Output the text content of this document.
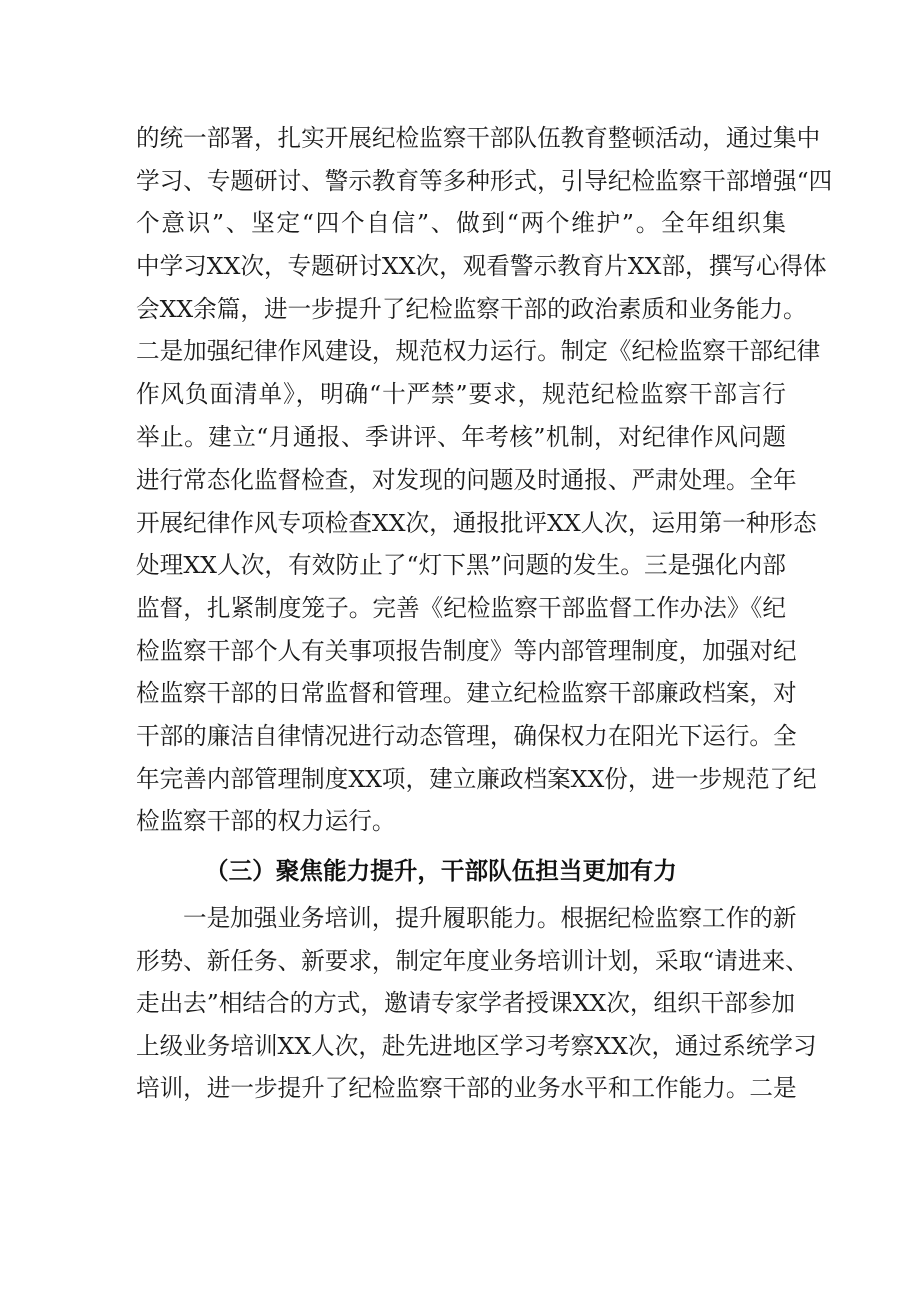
的统一部署，扎实开展纪检监察干部队伍教育整顿活动，通过集中
学习、专题研讨、警示教育等多种形式，引导纪检监察干部增强“四
个意识”、坚定“四个自信”、做到“两个维护”。全年组织集
中学习XX次，专题研讨XX次，观看警示教育片XX部，撰写心得体
会XX余篇，进一步提升了纪检监察干部的政治素质和业务能力。
二是加强纪律作风建设，规范权力运行。制定《纪检监察干部纪律
作风负面清单》，明确“十严禁”要求，规范纪检监察干部言行
举止。建立“月通报、季讲评、年考核”机制，对纪律作风问题
进行常态化监督检查，对发现的问题及时通报、严肃处理。全年
开展纪律作风专项检查XX次，通报批评XX人次，运用第一种形态
处理XX人次，有效防止了“灯下黑”问题的发生。三是强化内部
监督，扎紧制度笼子。完善《纪检监察干部监督工作办法》《纪
检监察干部个人有关事项报告制度》等内部管理制度，加强对纪
检监察干部的日常监督和管理。建立纪检监察干部廉政档案，对
干部的廉洁自律情况进行动态管理，确保权力在阳光下运行。全
年完善内部管理制度XX项，建立廉政档案XX份，进一步规范了纪
检监察干部的权力运行。
（三）聚焦能力提升，干部队伍担当更加有力
一是加强业务培训，提升履职能力。根据纪检监察工作的新
形势、新任务、新要求，制定年度业务培训计划，采取“请进来、
走出去”相结合的方式，邀请专家学者授课XX次，组织干部参加
上级业务培训XX人次，赴先进地区学习考察XX次，通过系统学习
培训，进一步提升了纪检监察干部的业务水平和工作能力。二是
